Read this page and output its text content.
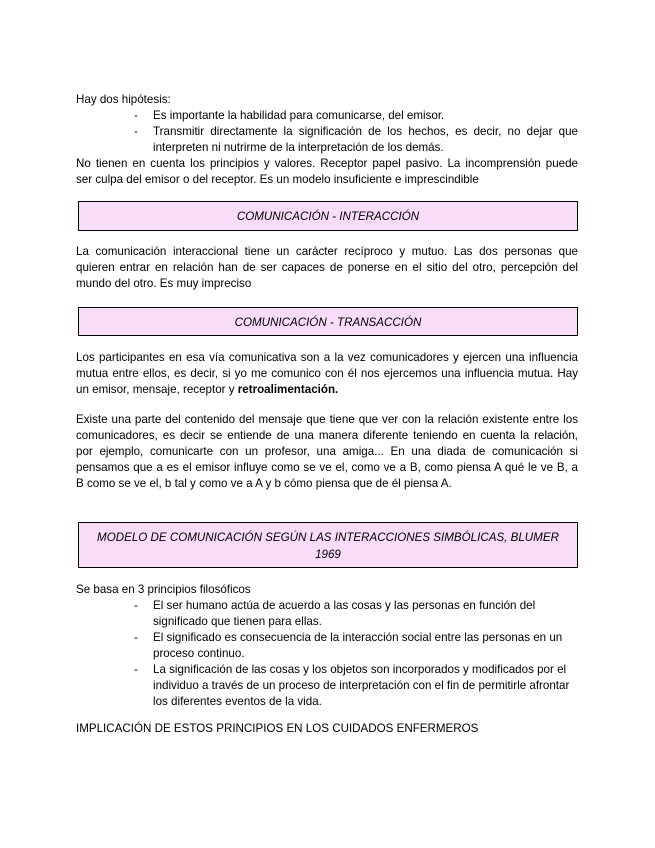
Hay dos hipótesis:
- Es importante la habilidad para comunicarse, del emisor.
- Transmitir directamente la significación de los hechos, es decir, no dejar que
interpreten ni nutrirme de la interpretación de los demás.
No tienen en cuenta los principios y valores. Receptor papel pasivo. La incomprensión puede
ser culpa del emisor o del receptor. Es un modelo insuficiente e imprescindible
COMUNICACIÓN - INTERACCIÓN
La comunicación interaccional tiene un carácter recíproco y mutuo. Las dos personas que
quieren entrar en relación han de ser capaces de ponerse en el sitio del otro, percepción del
mundo del otro. Es muy impreciso
COMUNICACIÓN - TRANSACCIÓN
Los participantes en esa vía comunicativa son a la vez comunicadores y ejercen una influencia
mutua entre ellos, es decir, si yo me comunico con él nos ejercemos una influencia mutua. Hay
un emisor, mensaje, receptor y retroalimentación.
Existe una parte del contenido del mensaje que tiene que ver con la relación existente entre los
comunicadores, es decir se entiende de una manera diferente teniendo en cuenta la relación,
por ejemplo, comunicarte con un profesor, una amiga... En una diada de comunicación si
pensamos que a es el emisor influye como se ve el, como ve a B, como piensa A qué le ve B, a
B como se ve el, b tal y como ve a A y b cómo piensa que de él piensa A.
MODELO DE COMUNICACIÓN SEGÚN LAS INTERACCIONES SIMBÓLICAS, BLUMER
1969
Se basa en 3 principios filosóficos
- El ser humano actúa de acuerdo a las cosas y las personas en función del
significado que tienen para ellas.
- El significado es consecuencia de la interacción social entre las personas en un
proceso continuo.
- La significación de las cosas y los objetos son incorporados y modificados por el
individuo a través de un proceso de interpretación con el fin de permitirle afrontar
los diferentes eventos de la vida.
IMPLICACIÓN DE ESTOS PRINCIPIOS EN LOS CUIDADOS ENFERMEROS
